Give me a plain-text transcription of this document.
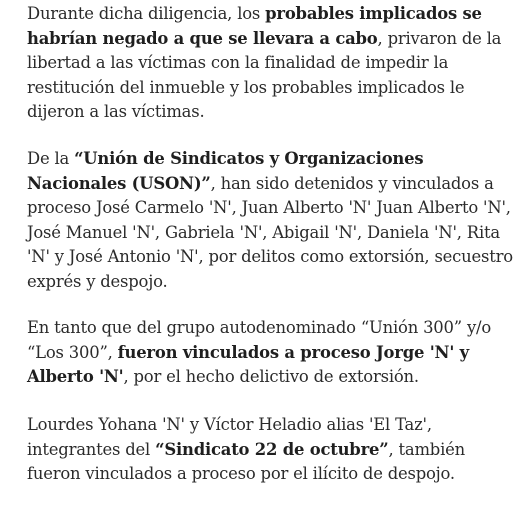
Durante dicha diligencia, los probables implicados se habrían negado a que se llevara a cabo, privaron de la libertad a las víctimas con la finalidad de impedir la restitución del inmueble y los probables implicados le dijeron a las víctimas.

De la “Unión de Sindicatos y Organizaciones Nacionales (USON)”, han sido detenidos y vinculados a proceso José Carmelo 'N', Juan Alberto 'N' Juan Alberto 'N', José Manuel 'N', Gabriela 'N', Abigail 'N', Daniela 'N', Rita 'N' y José Antonio 'N', por delitos como extorsión, secuestro exprés y despojo.

En tanto que del grupo autodenominado “Unión 300” y/o “Los 300”, fueron vinculados a proceso Jorge 'N' y Alberto 'N', por el hecho delictivo de extorsión.

Lourdes Yohana 'N' y Víctor Heladio alias 'El Taz', integrantes del “Sindicato 22 de octubre”, también fueron vinculados a proceso por el ilícito de despojo.
